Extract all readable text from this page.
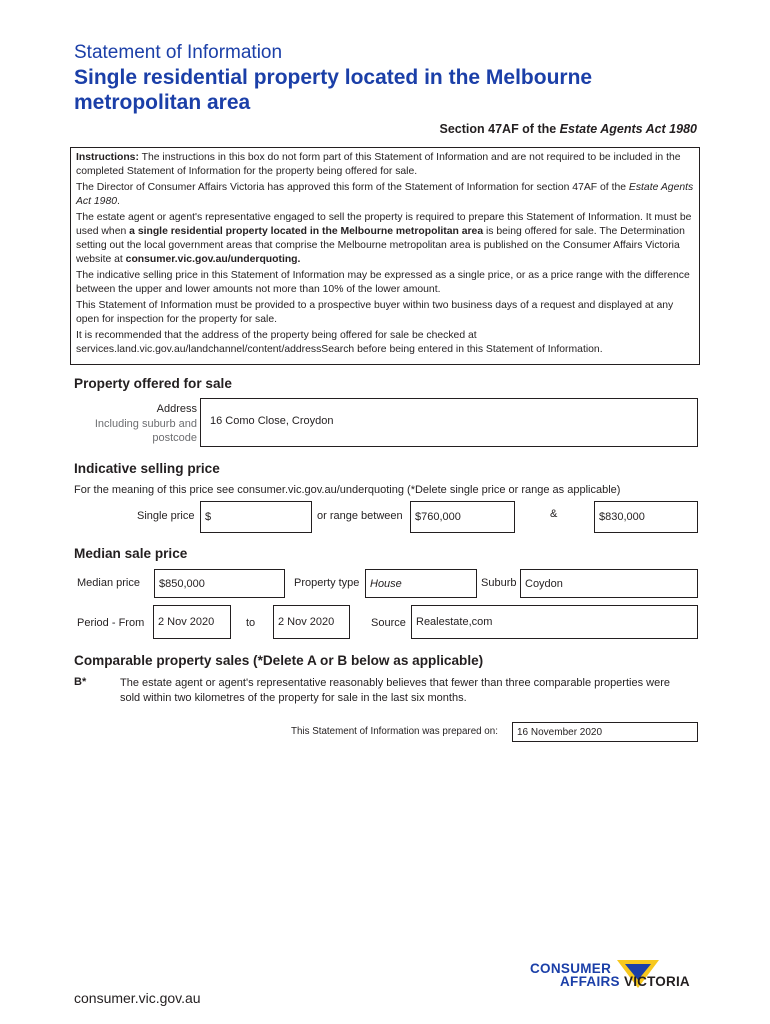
Statement of Information
Single residential property located in the Melbourne metropolitan area
Section 47AF of the Estate Agents Act 1980

Instructions: The instructions in this box do not form part of this Statement of Information and are not required to be included in the completed Statement of Information for the property being offered for sale.

The Director of Consumer Affairs Victoria has approved this form of the Statement of Information for section 47AF of the Estate Agents Act 1980.

The estate agent or agent's representative engaged to sell the property is required to prepare this Statement of Information. It must be used when a single residential property located in the Melbourne metropolitan area is being offered for sale. The Determination setting out the local government areas that comprise the Melbourne metropolitan area is published on the Consumer Affairs Victoria website at consumer.vic.gov.au/underquoting.

The indicative selling price in this Statement of Information may be expressed as a single price, or as a price range with the difference between the upper and lower amounts not more than 10% of the lower amount.

This Statement of Information must be provided to a prospective buyer within two business days of a request and displayed at any open for inspection for the property for sale.

It is recommended that the address of the property being offered for sale be checked at services.land.vic.gov.au/landchannel/content/addressSearch before being entered in this Statement of Information.

Property offered for sale
Address
Including suburb and
postcode
16 Como Close, Croydon
Indicative selling price
For the meaning of this price see consumer.vic.gov.au/underquoting (*Delete single price or range as applicable)
Single price $	or range between $760,000	&	$830,000
Median sale price
Median price $850,000	Property type House	Suburb Coydon
Period - From 2 Nov 2020	to 2 Nov 2020	Source Realestate,com
Comparable property sales (*Delete A or B below as applicable)
B*	The estate agent or agent's representative reasonably believes that fewer than three comparable properties were sold within two kilometres of the property for sale in the last six months.
This Statement of Information was prepared on: 16 November 2020
CONSUMER
AFFAIRS VICTORIA
consumer.vic.gov.au
